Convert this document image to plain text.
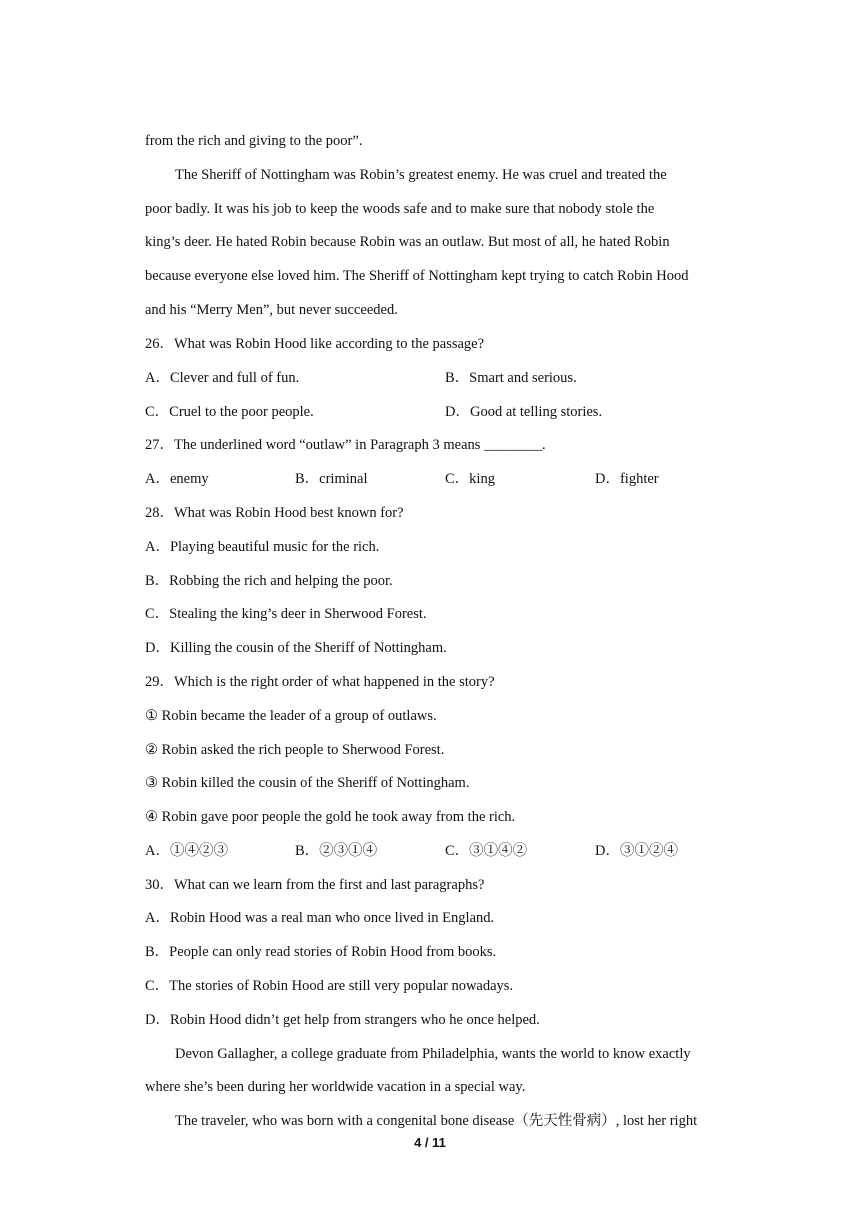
from the rich and giving to the poor”.
The Sheriff of Nottingham was Robin’s greatest enemy. He was cruel and treated the
poor badly. It was his job to keep the woods safe and to make sure that nobody stole the
king’s deer. He hated Robin because Robin was an outlaw. But most of all, he hated Robin
because everyone else loved him. The Sheriff of Nottingham kept trying to catch Robin Hood
and his “Merry Men”, but never succeeded.
26．What was Robin Hood like according to the passage?
A．Clever and full of fun.	B．Smart and serious.
C．Cruel to the poor people.	D．Good at telling stories.
27．The underlined word “outlaw” in Paragraph 3 means ________.
A．enemy	B．criminal	C．king	D．fighter
28．What was Robin Hood best known for?
A．Playing beautiful music for the rich.
B．Robbing the rich and helping the poor.
C．Stealing the king’s deer in Sherwood Forest.
D．Killing the cousin of the Sheriff of Nottingham.
29．Which is the right order of what happened in the story?
① Robin became the leader of a group of outlaws.
② Robin asked the rich people to Sherwood Forest.
③ Robin killed the cousin of the Sheriff of Nottingham.
④ Robin gave poor people the gold he took away from the rich.
A．①④②③	B．②③①④	C．③①④②	D．③①②④
30．What can we learn from the first and last paragraphs?
A．Robin Hood was a real man who once lived in England.
B．People can only read stories of Robin Hood from books.
C．The stories of Robin Hood are still very popular nowadays.
D．Robin Hood didn’t get help from strangers who he once helped.
Devon Gallagher, a college graduate from Philadelphia, wants the world to know exactly
where she’s been during her worldwide vacation in a special way.
The traveler, who was born with a congenital bone disease（先天性骨病）, lost her right
4 / 11
